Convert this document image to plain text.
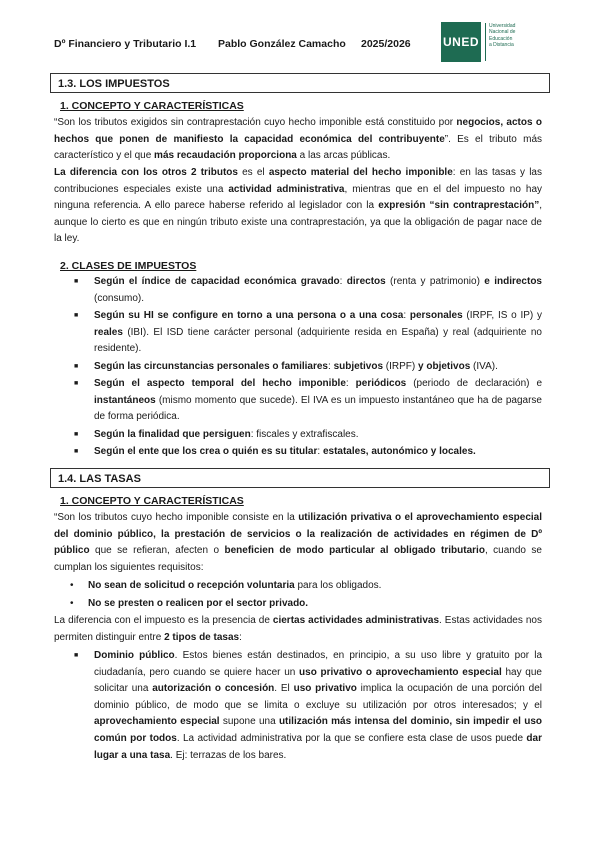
Dº Financiero y Tributario I.1 Pablo González Camacho 2025/2026	UNED
Universidad
Nacional de
Educación
a Distancia
1.3. LOS IMPUESTOS
1. CONCEPTO Y CARACTERÍSTICAS
“Son los tributos exigidos sin contraprestación cuyo hecho imponible está constituido por negocios, actos o hechos que ponen de manifiesto la capacidad económica del contribuyente”. Es el tributo más característico y el que más recaudación proporciona a las arcas públicas.
La diferencia con los otros 2 tributos es el aspecto material del hecho imponible: en las tasas y las contribuciones especiales existe una actividad administrativa, mientras que en el del impuesto no hay ninguna referencia. A ello parece haberse referido al legislador con la expresión “sin contraprestación”, aunque lo cierto es que en ningún tributo existe una contraprestación, ya que la obligación de pagar nace de la ley.
2. CLASES DE IMPUESTOS
■ Según el índice de capacidad económica gravado: directos (renta y patrimonio) e indirectos (consumo).
■ Según su HI se configure en torno a una persona o a una cosa: personales (IRPF, IS o IP) y reales (IBI). El ISD tiene carácter personal (adquiriente resida en España) y real (adquiriente no residente).
■ Según las circunstancias personales o familiares: subjetivos (IRPF) y objetivos (IVA).
■ Según el aspecto temporal del hecho imponible: periódicos (periodo de declaración) e instantáneos (mismo momento que sucede). El IVA es un impuesto instantáneo que ha de pagarse de forma periódica.
■ Según la finalidad que persiguen: fiscales y extrafiscales.
■ Según el ente que los crea o quién es su titular: estatales, autonómico y locales.
1.4. LAS TASAS
1. CONCEPTO Y CARACTERÍSTICAS
“Son los tributos cuyo hecho imponible consiste en la utilización privativa o el aprovechamiento especial del dominio público, la prestación de servicios o la realización de actividades en régimen de Dº público que se refieran, afecten o beneficien de modo particular al obligado tributario, cuando se cumplan los siguientes requisitos:
• No sean de solicitud o recepción voluntaria para los obligados.
• No se presten o realicen por el sector privado.
La diferencia con el impuesto es la presencia de ciertas actividades administrativas. Estas actividades nos permiten distinguir entre 2 tipos de tasas:
■ Dominio público. Estos bienes están destinados, en principio, a su uso libre y gratuito por la ciudadanía, pero cuando se quiere hacer un uso privativo o aprovechamiento especial hay que solicitar una autorización o concesión. El uso privativo implica la ocupación de una porción del dominio público, de modo que se limita o excluye su utilización por otros interesados; y el aprovechamiento especial supone una utilización más intensa del dominio, sin impedir el uso común por todos. La actividad administrativa por la que se confiere esta clase de usos puede dar lugar a una tasa. Ej: terrazas de los bares.
